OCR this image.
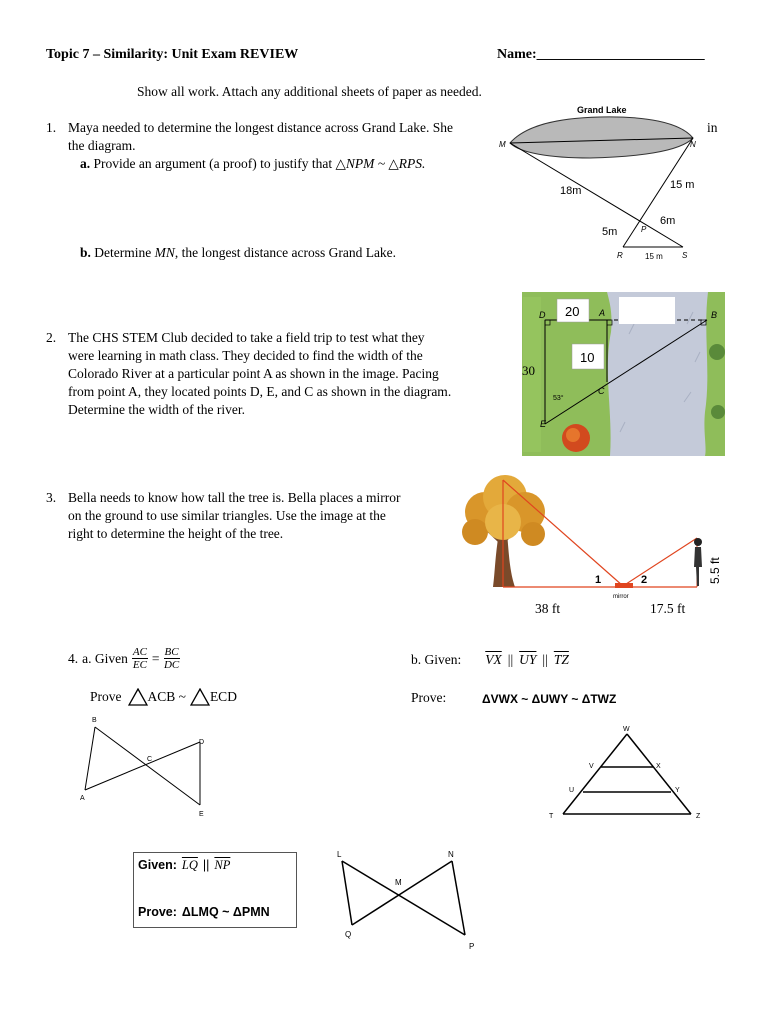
Topic 7 – Similarity: Unit Exam REVIEW	Name:________________________
Show all work. Attach any additional sheets of paper as needed.
1. Maya needed to determine the longest distance across Grand Lake. She	in
the diagram.
a. Provide an argument (a proof) to justify that △NPM ~ △RPS.
b. Determine MN, the longest distance across Grand Lake.
Grand Lake
M	N
P
R	S
18m	15 m
6m
5m
15 m
2. The CHS STEM Club decided to take a field trip to test what they
were learning in math class. They decided to find the width of the
Colorado River at a particular point A as shown in the image. Pacing
from point A, they located points D, E, and C as shown in the diagram.
Determine the width of the river.
20
10
D	A	B
C
E
53°
30
3. Bella needs to know how tall the tree is. Bella places a mirror
on the ground to use similar triangles. Use the image at the
right to determine the height of the tree.
1	2
mirror
5.5 ft
38 ft	17.5 ft
4. a. Given $\frac{AC}{EC} = \frac{BC}{DC}$
Prove ACB ~ ECD
B
A
C
D
E
b. Given: $\overline{VX}$ || $\overline{UY}$ || $\overline{TZ}$
Prove:	ΔVWX ~ ΔUWY ~ ΔTWZ
W
V	X
U	Y
T	Z
Given: $\overline{LQ}$ || $\overline{NP}$
Prove: ΔLMQ ~ ΔPMN
L	N
M
Q
P
